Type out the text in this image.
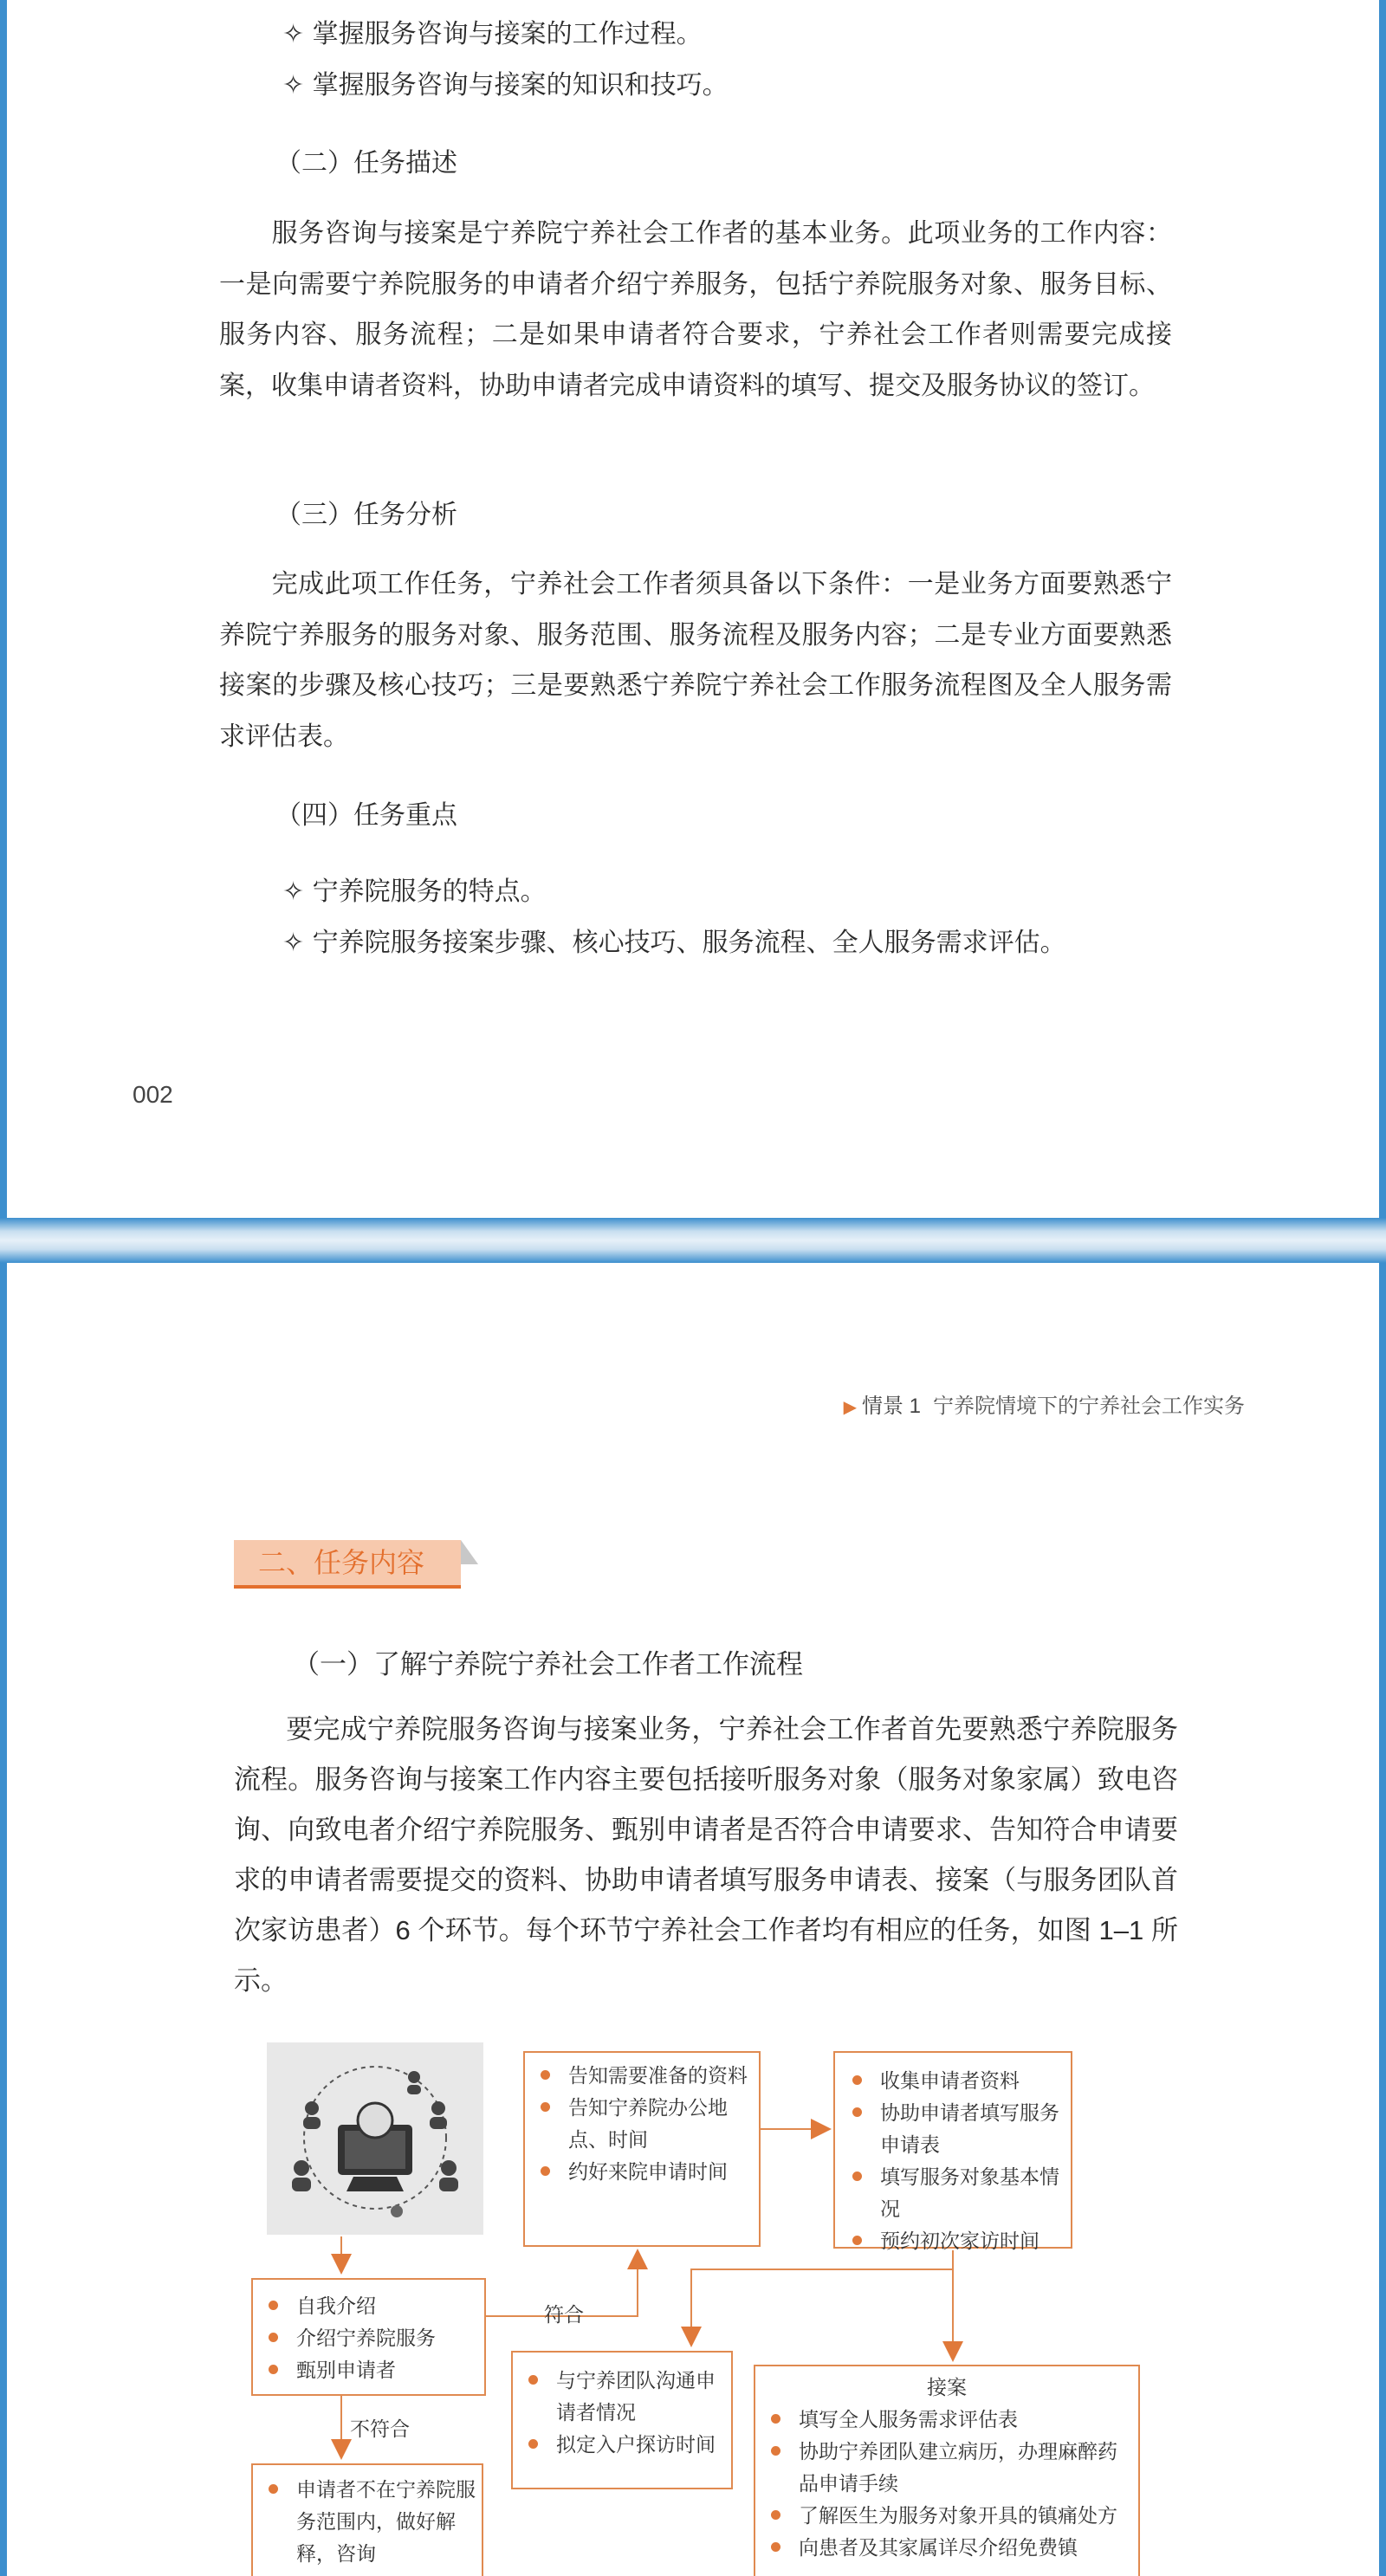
✧ 掌握服务咨询与接案的工作过程。
✧ 掌握服务咨询与接案的知识和技巧。
（二）任务描述
服务咨询与接案是宁养院宁养社会工作者的基本业务。此项业务的工作内容：一是向需要宁养院服务的申请者介绍宁养服务，包括宁养院服务对象、服务目标、服务内容、服务流程；二是如果申请者符合要求，宁养社会工作者则需要完成接案，收集申请者资料，协助申请者完成申请资料的填写、提交及服务协议的签订。
（三）任务分析
完成此项工作任务，宁养社会工作者须具备以下条件：一是业务方面要熟悉宁养院宁养服务的服务对象、服务范围、服务流程及服务内容；二是专业方面要熟悉接案的步骤及核心技巧；三是要熟悉宁养院宁养社会工作服务流程图及全人服务需求评估表。
（四）任务重点
✧ 宁养院服务的特点。
✧ 宁养院服务接案步骤、核心技巧、服务流程、全人服务需求评估。
002
▶ 情景 1 宁养院情境下的宁养社会工作实务
二、任务内容
（一）了解宁养院宁养社会工作者工作流程
要完成宁养院服务咨询与接案业务，宁养社会工作者首先要熟悉宁养院服务流程。服务咨询与接案工作内容主要包括接听服务对象（服务对象家属）致电咨询、向致电者介绍宁养院服务、甄别申请者是否符合申请要求、告知符合申请要求的申请者需要提交的资料、协助申请者填写服务申请表、接案（与服务团队首次家访患者）6 个环节。每个环节宁养社会工作者均有相应的任务，如图 1–1 所示。
告知需要准备的资料
告知宁养院办公地点、时间
约好来院申请时间
收集申请者资料
协助申请者填写服务申请表
填写服务对象基本情况
预约初次家访时间
自我介绍
介绍宁养院服务
甄别申请者
符合
不符合
与宁养团队沟通申请者情况
拟定入户探访时间
接案
填写全人服务需求评估表
协助宁养团队建立病历，办理麻醉药品申请手续
了解医生为服务对象开具的镇痛处方
向患者及其家属详尽介绍免费镇
申请者不在宁养院服务范围内，做好解释，咨询
